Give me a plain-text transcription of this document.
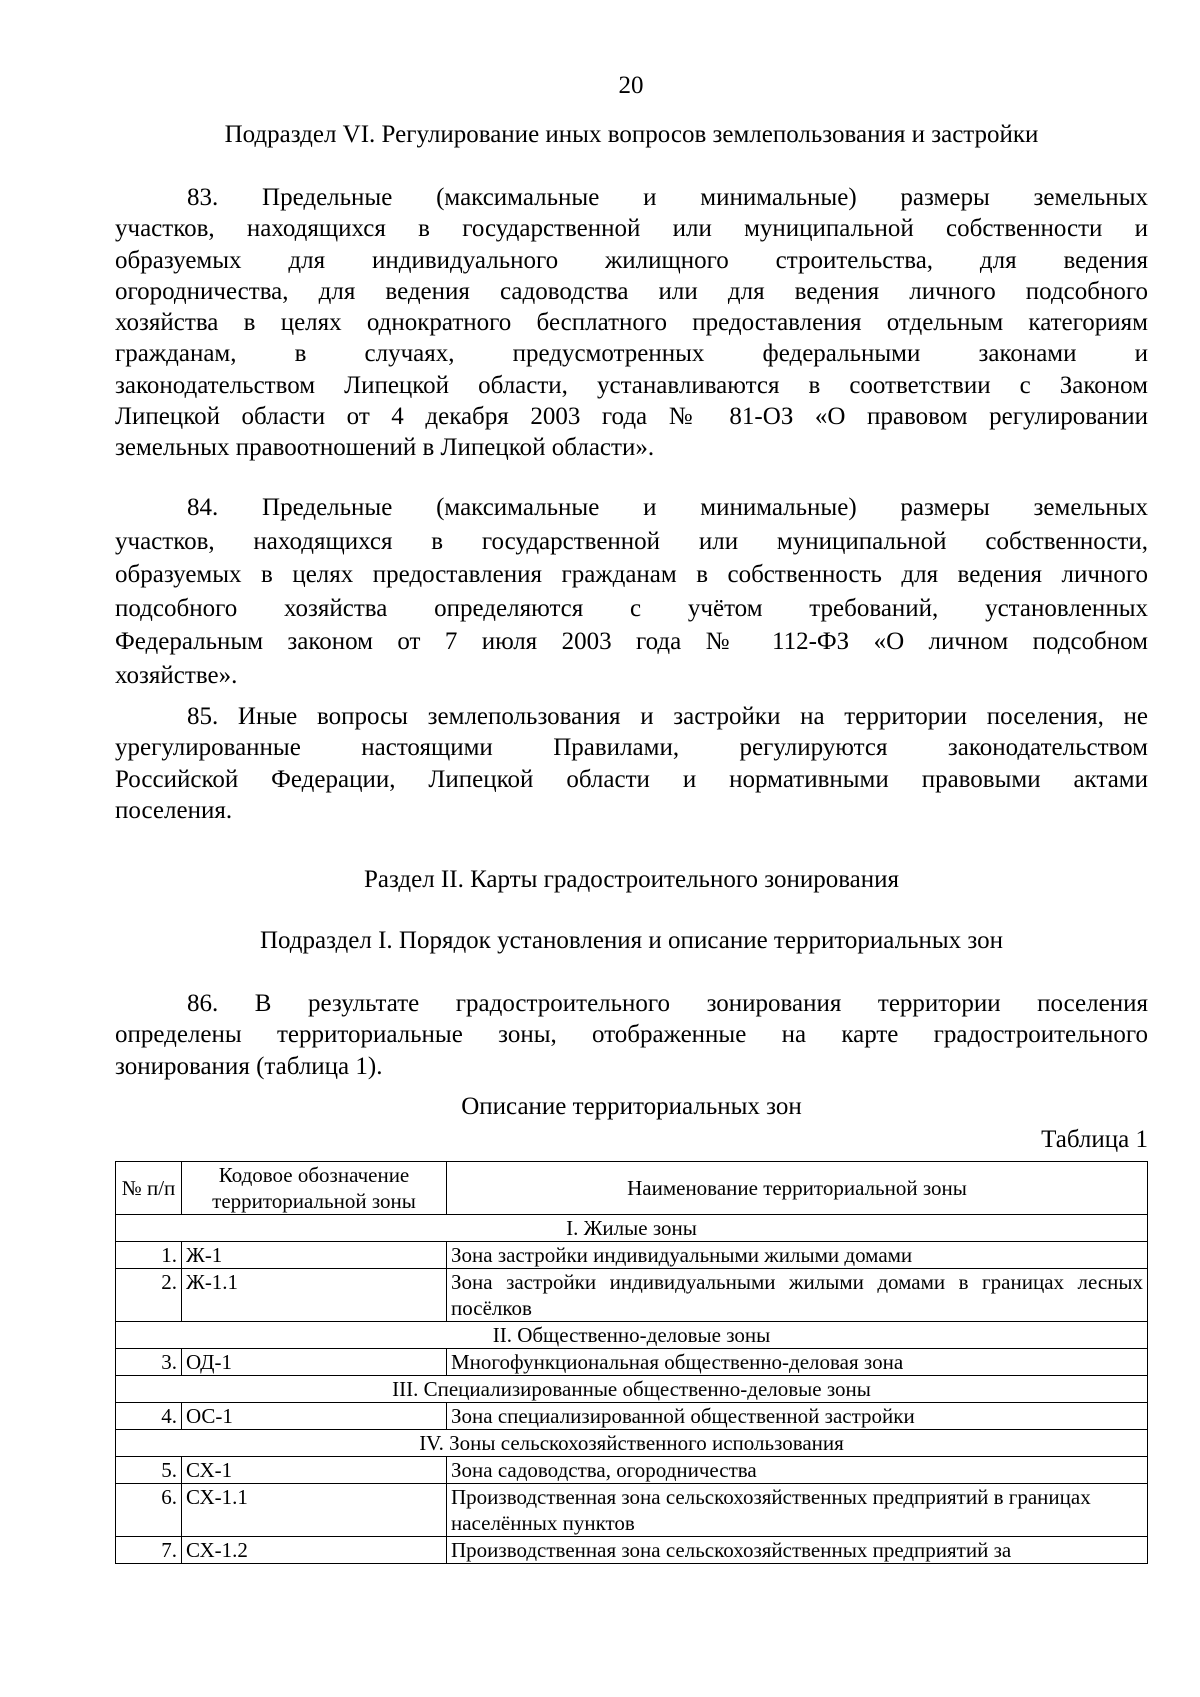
20
Подраздел VI. Регулирование иных вопросов землепользования и застройки
83. Предельные (максимальные и минимальные) размеры земельных
участков, находящихся в государственной или муниципальной собственности и
образуемых для индивидуального жилищного строительства, для ведения
огородничества, для ведения садоводства или для ведения личного подсобного
хозяйства в целях однократного бесплатного предоставления отдельным категориям
гражданам, в случаях, предусмотренных федеральными законами и
законодательством Липецкой области, устанавливаются в соответствии с Законом
Липецкой области от 4 декабря 2003 года № 81-ОЗ «О правовом регулировании
земельных правоотношений в Липецкой области».
84. Предельные (максимальные и минимальные) размеры земельных
участков, находящихся в государственной или муниципальной собственности,
образуемых в целях предоставления гражданам в собственность для ведения личного
подсобного хозяйства определяются с учётом требований, установленных
Федеральным законом от 7 июля 2003 года № 112-ФЗ «О личном подсобном
хозяйстве».
85. Иные вопросы землепользования и застройки на территории поселения, не
урегулированные настоящими Правилами, регулируются законодательством
Российской Федерации, Липецкой области и нормативными правовыми актами
поселения.
Раздел II. Карты градостроительного зонирования
Подраздел I. Порядок установления и описание территориальных зон
86. В результате градостроительного зонирования территории поселения
определены территориальные зоны, отображенные на карте градостроительного
зонирования (таблица 1).
Описание территориальных зон
Таблица 1
№ п/п	Кодовое обозначение территориальной зоны	Наименование территориальной зоны
I. Жилые зоны		
1.	Ж-1	Зона застройки индивидуальными жилыми домами
2.	Ж-1.1	Зона застройки индивидуальными жилыми домами в границах лесных посёлков
II. Общественно-деловые зоны		
3.	ОД-1	Многофункциональная общественно-деловая зона
III. Специализированные общественно-деловые зоны		
4.	ОС-1	Зона специализированной общественной застройки
IV. Зоны сельскохозяйственного использования		
5.	СХ-1	Зона садоводства, огородничества
6.	СХ-1.1	Производственная зона сельскохозяйственных предприятий в границах населённых пунктов
7.	СХ-1.2	Производственная зона сельскохозяйственных предприятий за
